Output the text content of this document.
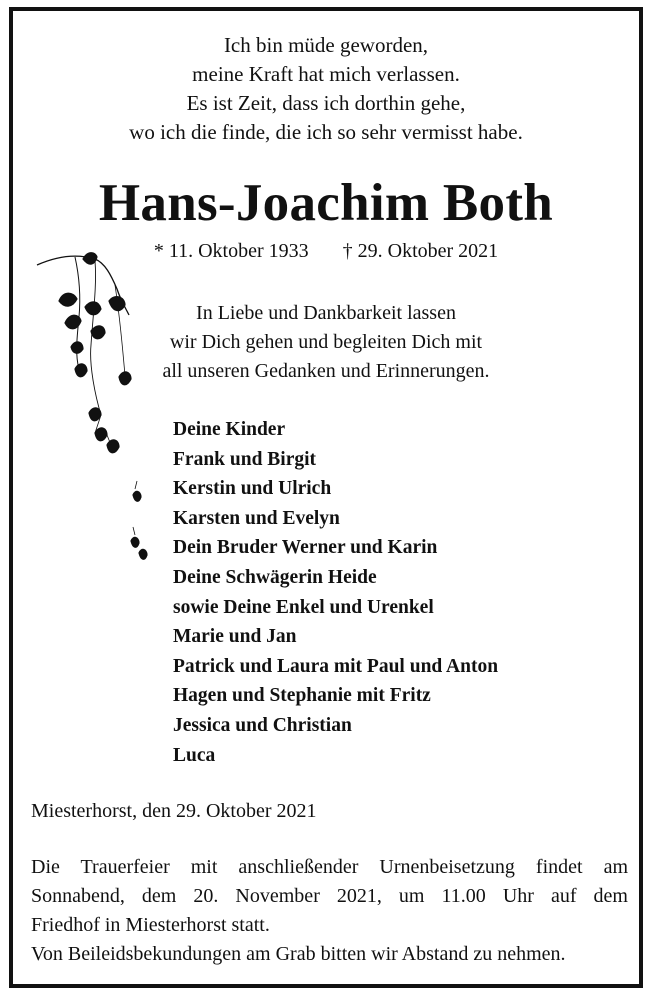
Ich bin müde geworden,
meine Kraft hat mich verlassen.
Es ist Zeit, dass ich dorthin gehe,
wo ich die finde, die ich so sehr vermisst habe.
Hans-Joachim Both
* 11. Oktober 1933 † 29. Oktober 2021
In Liebe und Dankbarkeit lassen
wir Dich gehen und begleiten Dich mit
all unseren Gedanken und Erinnerungen.
Deine Kinder
Frank und Birgit
Kerstin und Ulrich
Karsten und Evelyn
Dein Bruder Werner und Karin
Deine Schwägerin Heide
sowie Deine Enkel und Urenkel
Marie und Jan
Patrick und Laura mit Paul und Anton
Hagen und Stephanie mit Fritz
Jessica und Christian
Luca
Miesterhorst, den 29. Oktober 2021
Die Trauerfeier mit anschließender Urnenbeisetzung findet am
Sonnabend, dem 20. November 2021, um 11.00 Uhr auf dem
Friedhof in Miesterhorst statt.
Von Beileidsbekundungen am Grab bitten wir Abstand zu nehmen.
